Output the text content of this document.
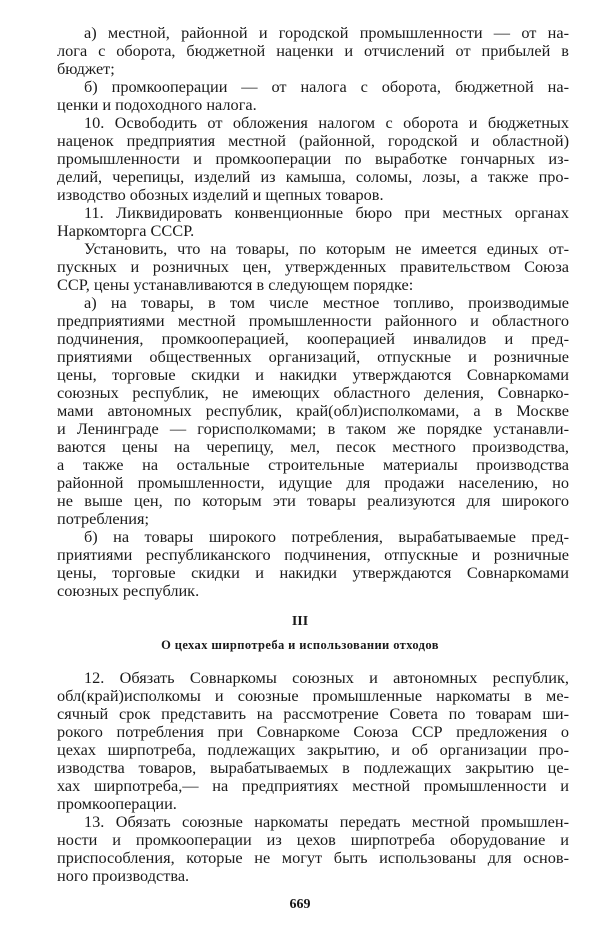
а) местной, районной и городской промышленности — от на-
лога с оборота, бюджетной наценки и отчислений от прибылей в
бюджет;
б) промкооперации — от налога с оборота, бюджетной на-
ценки и подоходного налога.
10. Освободить от обложения налогом с оборота и бюджетных
наценок предприятия местной (районной, городской и областной)
промышленности и промкооперации по выработке гончарных из-
делий, черепицы, изделий из камыша, соломы, лозы, а также про-
изводство обозных изделий и щепных товаров.
11. Ликвидировать конвенционные бюро при местных органах
Наркомторга СССР.
Установить, что на товары, по которым не имеется единых от-
пускных и розничных цен, утвержденных правительством Союза
ССР, цены устанавливаются в следующем порядке:
а) на товары, в том числе местное топливо, производимые
предприятиями местной промышленности районного и областного
подчинения, промкооперацией, кооперацией инвалидов и пред-
приятиями общественных организаций, отпускные и розничные
цены, торговые скидки и накидки утверждаются Совнаркомами
союзных республик, не имеющих областного деления, Совнарко-
мами автономных республик, край(обл)исполкомами, а в Москве
и Ленинграде — горисполкомами; в таком же порядке устанавли-
ваются цены на черепицу, мел, песок местного производства,
а также на остальные строительные материалы производства
районной промышленности, идущие для продажи населению, но
не выше цен, по которым эти товары реализуются для широкого
потребления;
б) на товары широкого потребления, вырабатываемые пред-
приятиями республиканского подчинения, отпускные и розничные
цены, торговые скидки и накидки утверждаются Совнаркомами
союзных республик.
III
О цехах ширпотреба и использовании отходов
12. Обязать Совнаркомы союзных и автономных республик,
обл(край)исполкомы и союзные промышленные наркоматы в ме-
сячный срок представить на рассмотрение Совета по товарам ши-
рокого потребления при Совнаркоме Союза ССР предложения о
цехах ширпотреба, подлежащих закрытию, и об организации про-
изводства товаров, вырабатываемых в подлежащих закрытию це-
хах ширпотреба,— на предприятиях местной промышленности и
промкооперации.
13. Обязать союзные наркоматы передать местной промышлен-
ности и промкооперации из цехов ширпотреба оборудование и
приспособления, которые не могут быть использованы для основ-
ного производства.
669
